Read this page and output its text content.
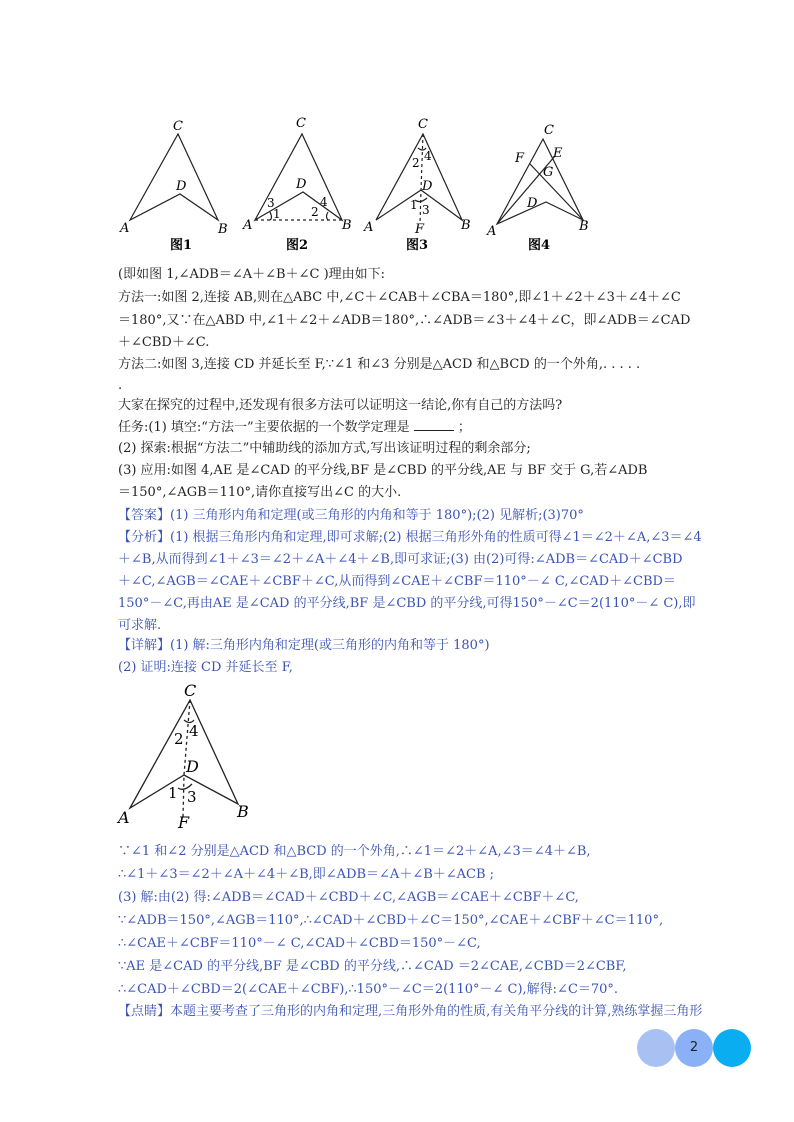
C
D
A	B
图1
C
D
A	B
3
1
4
2
图2
C
D
A	B
F
2 4
1 3
图3
C
F E
G
D
A	B
图4
(即如图 1,∠ADB＝∠A＋∠B＋∠C )理由如下:
方法一:如图 2,连接 AB,则在△ABC 中,∠C＋∠CAB＋∠CBA＝180°,即∠1＋∠2＋∠3＋∠4＋∠C
＝180°,又∵在△ABD 中,∠1＋∠2＋∠ADB＝180°,∴∠ADB＝∠3＋∠4＋∠C，即∠ADB＝∠CAD
＋∠CBD＋∠C.
方法二:如图 3,连接 CD 并延长至 F,∵∠1 和∠3 分别是△ACD 和△BCD 的一个外角,. . . . .
.
大家在探究的过程中,还发现有很多方法可以证明这一结论,你有自己的方法吗?
任务:(1) 填空:“方法一”主要依据的一个数学定理是	；
(2) 探索:根据“方法二”中辅助线的添加方式,写出该证明过程的剩余部分;
(3) 应用:如图 4,AE 是∠CAD 的平分线,BF 是∠CBD 的平分线,AE 与 BF 交于 G,若∠ADB
＝150°,∠AGB＝110°,请你直接写出∠C 的大小.
【答案】(1) 三角形内角和定理(或三角形的内角和等于 180°);(2) 见解析;(3)70°
【分析】(1) 根据三角形内角和定理,即可求解;(2) 根据三角形外角的性质可得∠1＝∠2＋∠A,∠3＝∠4
＋∠B,从而得到∠1＋∠3＝∠2＋∠A＋∠4＋∠B,即可求证;(3) 由(2)可得:∠ADB＝∠CAD＋∠CBD
＋∠C,∠AGB＝∠CAE＋∠CBF＋∠C,从而得到∠CAE＋∠CBF＝110°－∠ C,∠CAD＋∠CBD＝
150°－∠C,再由AE 是∠CAD 的平分线,BF 是∠CBD 的平分线,可得150°－∠C＝2(110°－∠ C),即
可求解.
【详解】(1) 解:三角形内角和定理(或三角形的内角和等于 180°)
(2) 证明:连接 CD 并延长至 F,
C
D
A	B
F
2 4
1 3
∵∠1 和∠2 分别是△ACD 和△BCD 的一个外角,∴∠1＝∠2＋∠A,∠3＝∠4＋∠B,
∴∠1＋∠3＝∠2＋∠A＋∠4＋∠B,即∠ADB＝∠A＋∠B＋∠ACB ;
(3) 解:由(2) 得:∠ADB＝∠CAD＋∠CBD＋∠C,∠AGB＝∠CAE＋∠CBF＋∠C,
∵∠ADB＝150°,∠AGB＝110°,∴∠CAD＋∠CBD＋∠C＝150°,∠CAE＋∠CBF＋∠C＝110°,
∴∠CAE＋∠CBF＝110°－∠ C,∠CAD＋∠CBD＝150°－∠C,
∵AE 是∠CAD 的平分线,BF 是∠CBD 的平分线,∴∠CAD ＝2∠CAE,∠CBD＝2∠CBF,
∴∠CAD＋∠CBD＝2(∠CAE＋∠CBF),∴150°－∠C＝2(110°－∠ C),解得:∠C＝70°.
【点睛】本题主要考查了三角形的内角和定理,三角形外角的性质,有关角平分线的计算,熟练掌握三角形
2
